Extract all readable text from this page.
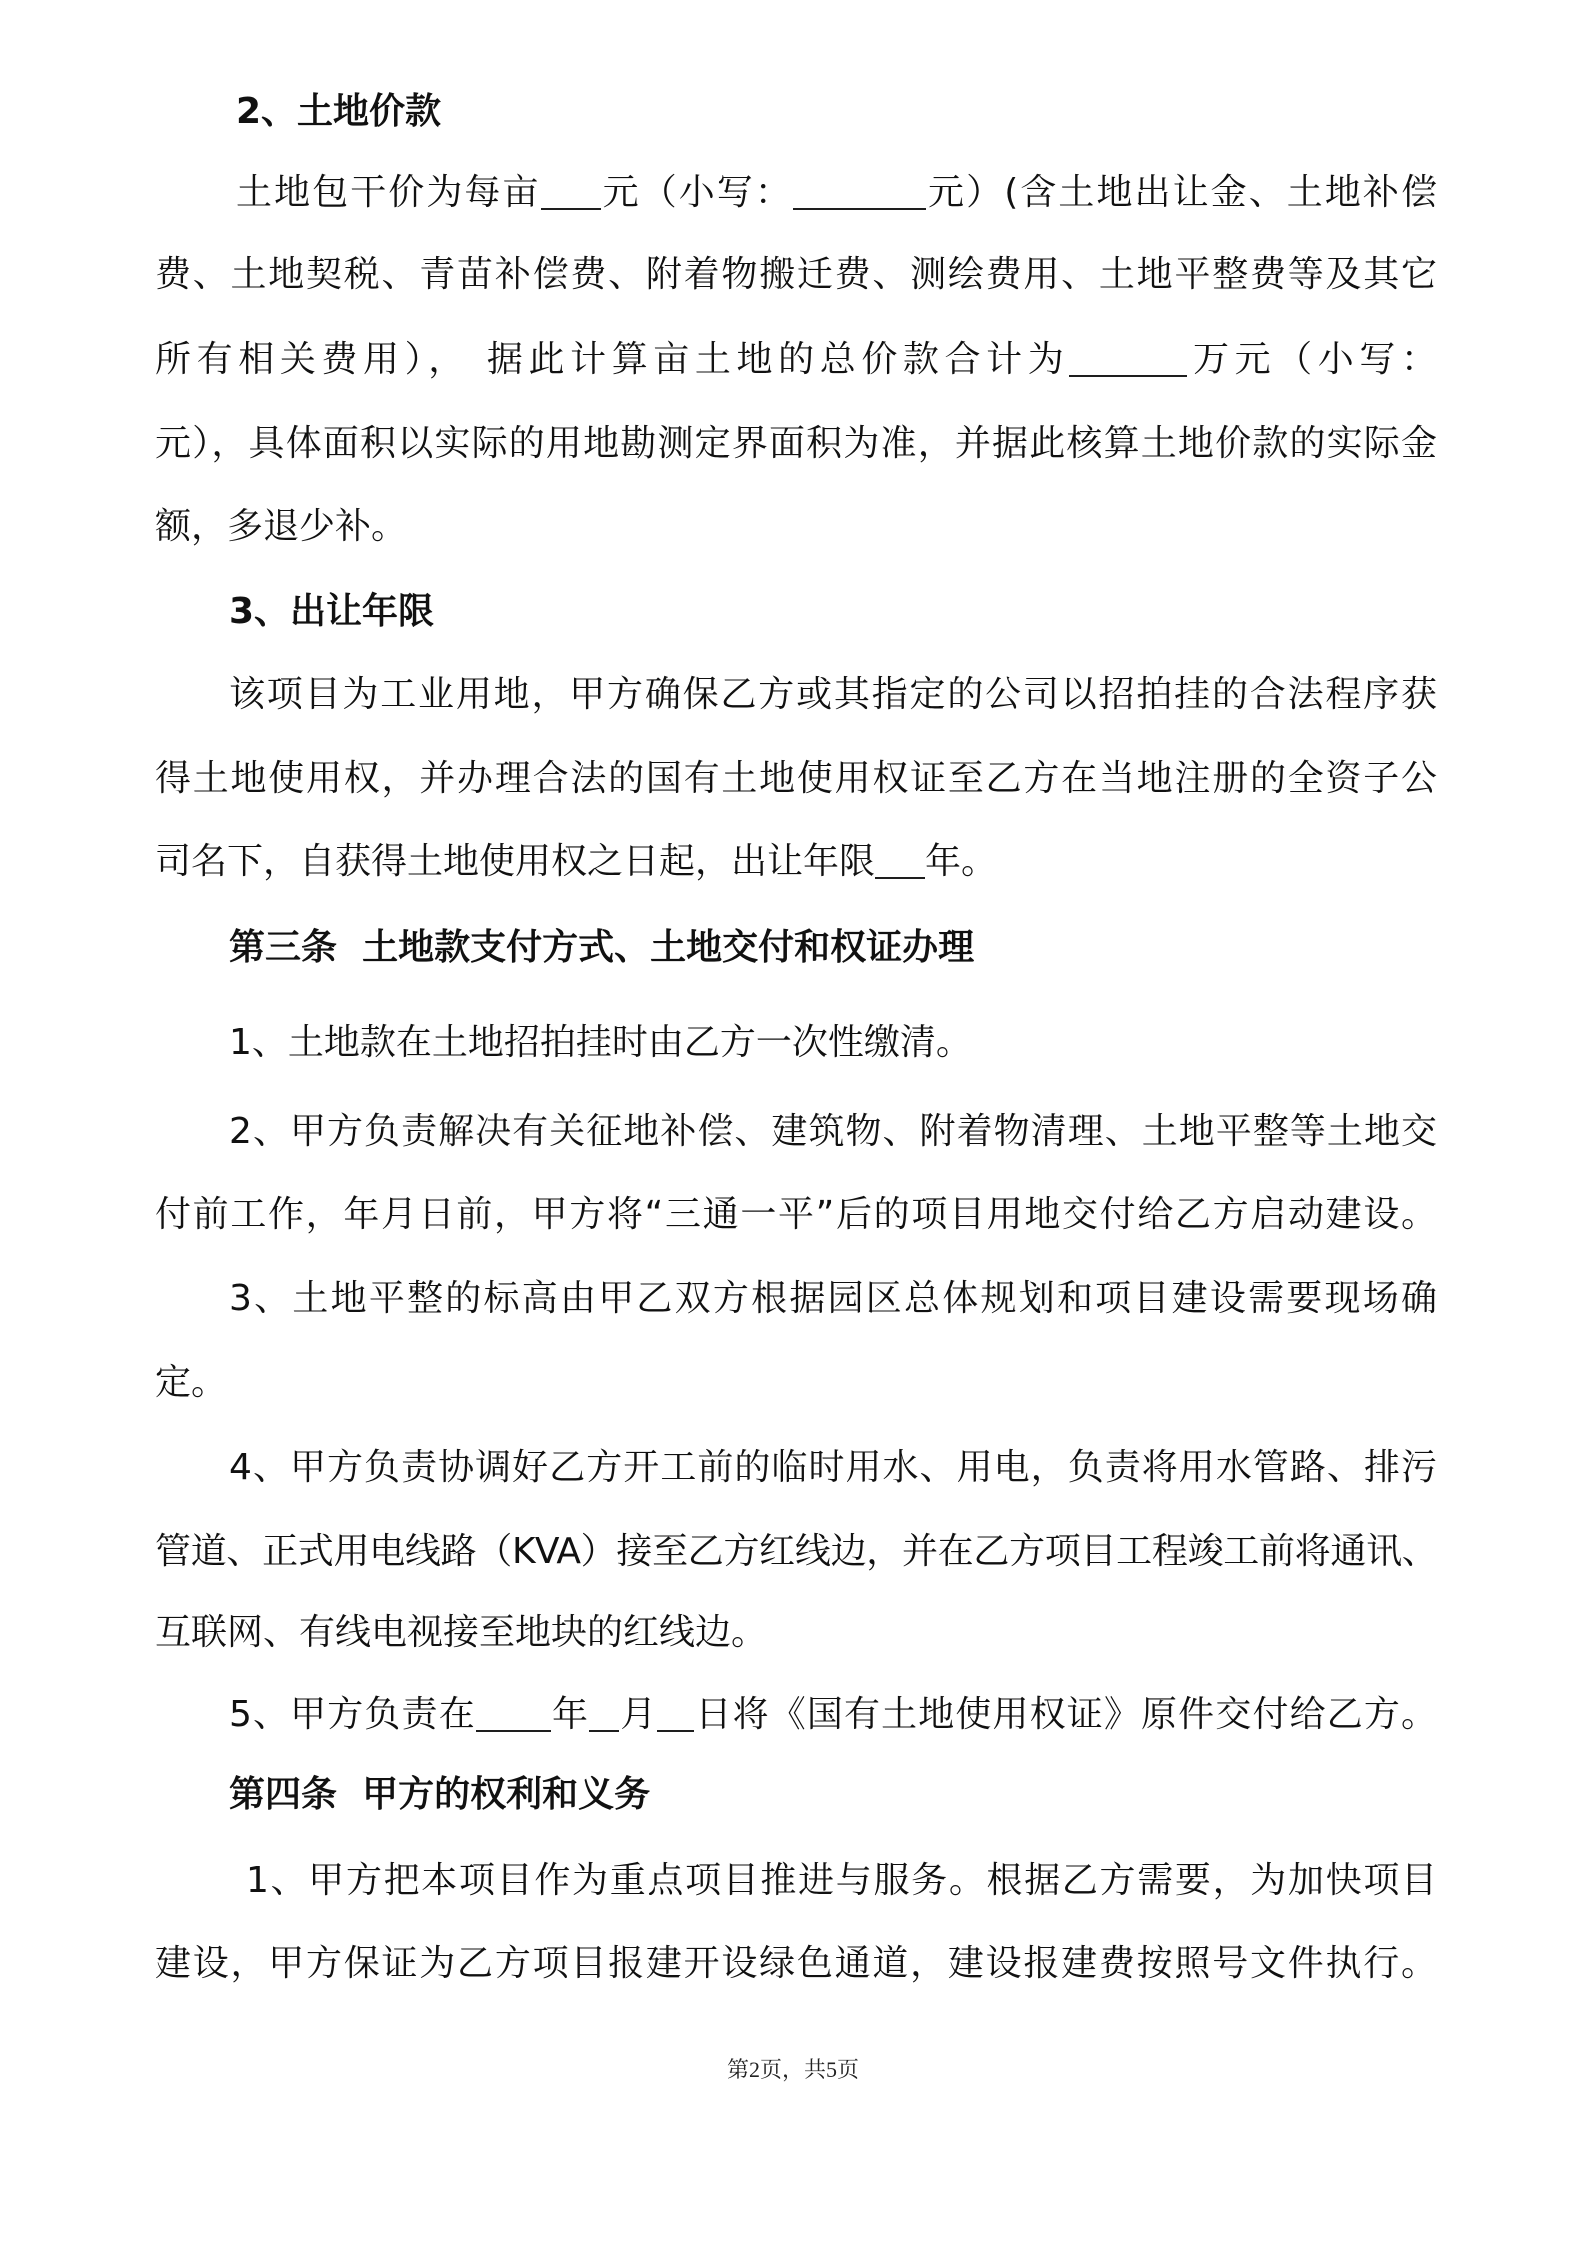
2、土地价款
土地包干价为每亩 元（小写：	元）(含土地出让金、土地补偿
费、土地契税、青苗补偿费、附着物搬迁费、测绘费用、土地平整费等及其它
所有相关费用）， 据此计算亩土地的总价款合计为	万元（小写：
元），具体面积以实际的用地勘测定界面积为准，并据此核算土地价款的实际金
额，多退少补。
3、出让年限
该项目为工业用地，甲方确保乙方或其指定的公司以招拍挂的合法程序获
得土地使用权，并办理合法的国有土地使用权证至乙方在当地注册的全资子公
司名下，自获得土地使用权之日起，出让年限 年。
第三条  土地款支付方式、土地交付和权证办理
1、土地款在土地招拍挂时由乙方一次性缴清。
2、甲方负责解决有关征地补偿、建筑物、附着物清理、土地平整等土地交
付前工作，年月日前，甲方将“三通一平”后的项目用地交付给乙方启动建设。
3、土地平整的标高由甲乙双方根据园区总体规划和项目建设需要现场确
定。
4、甲方负责协调好乙方开工前的临时用水、用电，负责将用水管路、排污
管道、正式用电线路（KVA）接至乙方红线边，并在乙方项目工程竣工前将通讯、
互联网、有线电视接至地块的红线边。
5、甲方负责在 年 月 日将《国有土地使用权证》原件交付给乙方。
第四条  甲方的权利和义务
1、甲方把本项目作为重点项目推进与服务。根据乙方需要，为加快项目
建设，甲方保证为乙方项目报建开设绿色通道，建设报建费按照号文件执行。
第2页，共5页
